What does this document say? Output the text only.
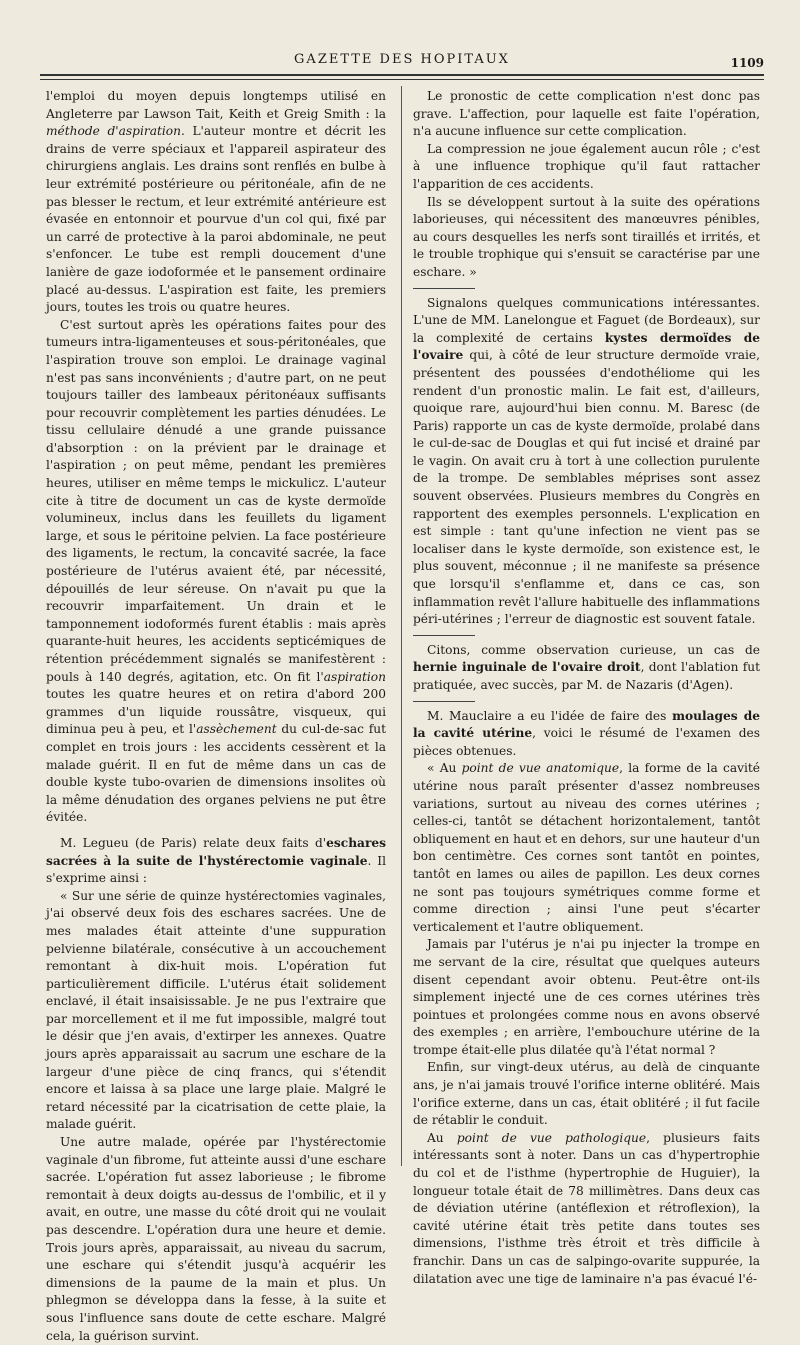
GAZETTE DES HOPITAUX	1109

l'emploi du moyen depuis longtemps utilisé en Angleterre par Lawson Tait, Keith et Greig Smith : la méthode d'aspiration. L'auteur montre et décrit les drains de verre spéciaux et l'appareil aspirateur des chirurgiens anglais. Les drains sont renflés en bulbe à leur extrémité postérieure ou péritonéale, afin de ne pas blesser le rectum, et leur extrémité antérieure est évasée en entonnoir et pourvue d'un col qui, fixé par un carré de protective à la paroi abdominale, ne peut s'enfoncer. Le tube est rempli doucement d'une lanière de gaze iodoformée et le pansement ordinaire placé au-dessus. L'aspiration est faite, les premiers jours, toutes les trois ou quatre heures.

C'est surtout après les opérations faites pour des tumeurs intra-ligamenteuses et sous-péritonéales, que l'aspiration trouve son emploi. Le drainage vaginal n'est pas sans inconvénients ; d'autre part, on ne peut toujours tailler des lambeaux péritonéaux suffisants pour recouvrir complètement les parties dénudées. Le tissu cellulaire dénudé a une grande puissance d'absorption : on la prévient par le drainage et l'aspiration ; on peut même, pendant les premières heures, utiliser en même temps le mickulicz. L'auteur cite à titre de document un cas de kyste dermoïde volumineux, inclus dans les feuillets du ligament large, et sous le péritoine pelvien. La face postérieure des ligaments, le rectum, la concavité sacrée, la face postérieure de l'utérus avaient été, par nécessité, dépouillés de leur séreuse. On n'avait pu que la recouvrir imparfaitement. Un drain et le tamponnement iodoformés furent établis : mais après quarante-huit heures, les accidents septicémiques de rétention précédemment signalés se manifestèrent : pouls à 140 degrés, agitation, etc. On fit l'aspiration toutes les quatre heures et on retira d'abord 200 grammes d'un liquide roussâtre, visqueux, qui diminua peu à peu, et l'assèchement du cul-de-sac fut complet en trois jours : les accidents cessèrent et la malade guérit. Il en fut de même dans un cas de double kyste tubo-ovarien de dimensions insolites où la même dénudation des organes pelviens ne put être évitée.

M. Legueu (de Paris) relate deux faits d'eschares sacrées à la suite de l'hystérectomie vaginale. Il s'exprime ainsi :

« Sur une série de quinze hystérectomies vaginales, j'ai observé deux fois des eschares sacrées. Une de mes malades était atteinte d'une suppuration pelvienne bilatérale, consécutive à un accouchement remontant à dix-huit mois. L'opération fut particulièrement difficile. L'utérus était solidement enclavé, il était insaisissable. Je ne pus l'extraire que par morcellement et il me fut impossible, malgré tout le désir que j'en avais, d'extirper les annexes. Quatre jours après apparaissait au sacrum une eschare de la largeur d'une pièce de cinq francs, qui s'étendit encore et laissa à sa place une large plaie. Malgré le retard nécessité par la cicatrisation de cette plaie, la malade guérit.

Une autre malade, opérée par l'hystérectomie vaginale d'un fibrome, fut atteinte aussi d'une eschare sacrée. L'opération fut assez laborieuse ; le fibrome remontait à deux doigts au-dessus de l'ombilic, et il y avait, en outre, une masse du côté droit qui ne voulait pas descendre. L'opération dura une heure et demie. Trois jours après, apparaissait, au niveau du sacrum, une eschare qui s'étendit jusqu'à acquérir les dimensions de la paume de la main et plus. Un phlegmon se développa dans la fesse, à la suite et sous l'influence sans doute de cette eschare. Malgré cela, la guérison survint.

Le pronostic de cette complication n'est donc pas grave. L'affection, pour laquelle est faite l'opération, n'a aucune influence sur cette complication.

La compression ne joue également aucun rôle ; c'est à une influence trophique qu'il faut rattacher l'apparition de ces accidents.

Ils se développent surtout à la suite des opérations laborieuses, qui nécessitent des manœuvres pénibles, au cours desquelles les nerfs sont tiraillés et irrités, et le trouble trophique qui s'ensuit se caractérise par une eschare. »

Signalons quelques communications intéressantes. L'une de MM. Lanelongue et Faguet (de Bordeaux), sur la complexité de certains kystes dermoïdes de l'ovaire qui, à côté de leur structure dermoïde vraie, présentent des poussées d'endothéliome qui les rendent d'un pronostic malin. Le fait est, d'ailleurs, quoique rare, aujourd'hui bien connu. M. Baresc (de Paris) rapporte un cas de kyste dermoïde, prolabé dans le cul-de-sac de Douglas et qui fut incisé et drainé par le vagin. On avait cru à tort à une collection purulente de la trompe. De semblables méprises sont assez souvent observées. Plusieurs membres du Congrès en rapportent des exemples personnels. L'explication en est simple : tant qu'une infection ne vient pas se localiser dans le kyste dermoïde, son existence est, le plus souvent, méconnue ; il ne manifeste sa présence que lorsqu'il s'enflamme et, dans ce cas, son inflammation revêt l'allure habituelle des inflammations péri-utérines ; l'erreur de diagnostic est souvent fatale.

Citons, comme observation curieuse, un cas de hernie inguinale de l'ovaire droit, dont l'ablation fut pratiquée, avec succès, par M. de Nazaris (d'Agen).

M. Mauclaire a eu l'idée de faire des moulages de la cavité utérine, voici le résumé de l'examen des pièces obtenues.

« Au point de vue anatomique, la forme de la cavité utérine nous paraît présenter d'assez nombreuses variations, surtout au niveau des cornes utérines ; celles-ci, tantôt se détachent horizontalement, tantôt obliquement en haut et en dehors, sur une hauteur d'un bon centimètre. Ces cornes sont tantôt en pointes, tantôt en lames ou ailes de papillon. Les deux cornes ne sont pas toujours symétriques comme forme et comme direction ; ainsi l'une peut s'écarter verticalement et l'autre obliquement.

Jamais par l'utérus je n'ai pu injecter la trompe en me servant de la cire, résultat que quelques auteurs disent cependant avoir obtenu. Peut-être ont-ils simplement injecté une de ces cornes utérines très pointues et prolongées comme nous en avons observé des exemples ; en arrière, l'embouchure utérine de la trompe était-elle plus dilatée qu'à l'état normal ?

Enfin, sur vingt-deux utérus, au delà de cinquante ans, je n'ai jamais trouvé l'orifice interne oblitéré. Mais l'orifice externe, dans un cas, était oblitéré ; il fut facile de rétablir le conduit.

Au point de vue pathologique, plusieurs faits intéressants sont à noter. Dans un cas d'hypertrophie du col et de l'isthme (hypertrophie de Huguier), la longueur totale était de 78 millimètres. Dans deux cas de déviation utérine (antéflexion et rétroflexion), la cavité utérine était très petite dans toutes ses dimensions, l'isthme très étroit et très difficile à franchir. Dans un cas de salpingo-ovarite suppurée, la dilatation avec une tige de laminaire n'a pas évacué l'é-
